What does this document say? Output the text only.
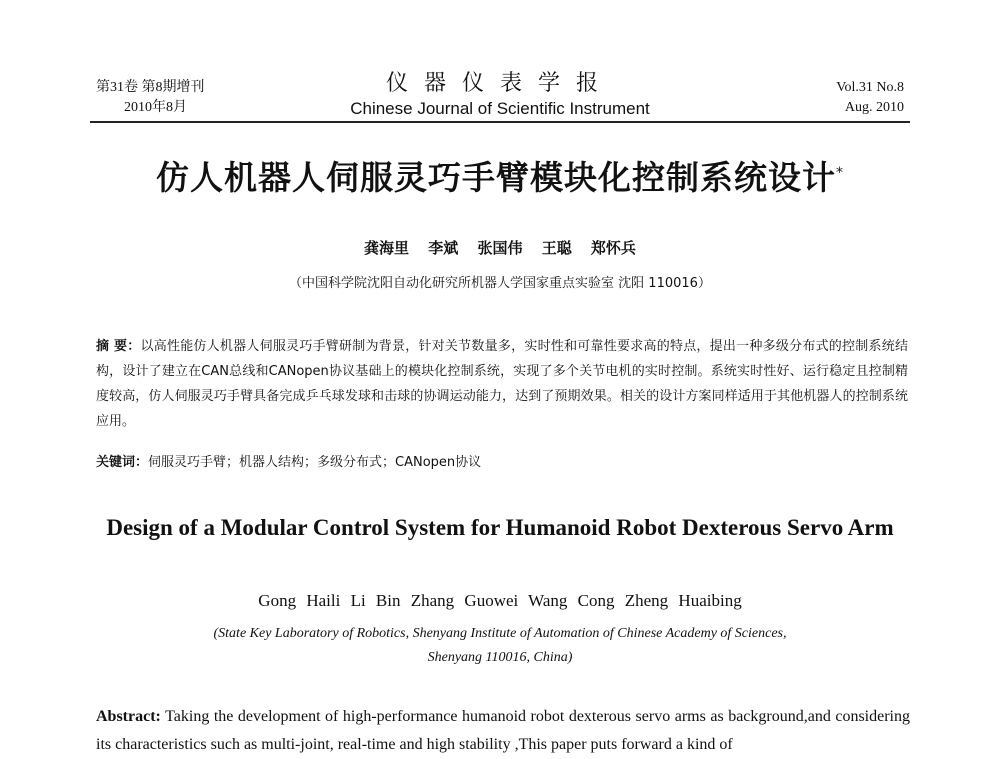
第31卷 第8期增刊
2010年8月
仪器仪表学报
Chinese Journal of Scientific Instrument
Vol.31 No.8
Aug. 2010
仿人机器人伺服灵巧手臂模块化控制系统设计*
龚海里 李斌 张国伟 王聪 郑怀兵
（中国科学院沈阳自动化研究所机器人学国家重点实验室 沈阳 110016）
摘 要：以高性能仿人机器人伺服灵巧手臂研制为背景，针对关节数量多，实时性和可靠性要求高的特点，提出一种多级分布式的控制系统结构，设计了建立在CAN总线和CANopen协议基础上的模块化控制系统，实现了多个关节电机的实时控制。系统实时性好、运行稳定且控制精度较高，仿人伺服灵巧手臂具备完成乒乓球发球和击球的协调运动能力，达到了预期效果。相关的设计方案同样适用于其他机器人的控制系统应用。
关键词：伺服灵巧手臂；机器人结构；多级分布式；CANopen协议
Design of a Modular Control System for Humanoid Robot Dexterous Servo Arm
Gong Haili Li Bin Zhang Guowei Wang Cong Zheng Huaibing
(State Key Laboratory of Robotics, Shenyang Institute of Automation of Chinese Academy of Sciences,
Shenyang 110016, China)
Abstract: Taking the development of high-performance humanoid robot dexterous servo arms as background,and considering its characteristics such as multi-joint, real-time and high stability ,This paper puts forward a kind of
